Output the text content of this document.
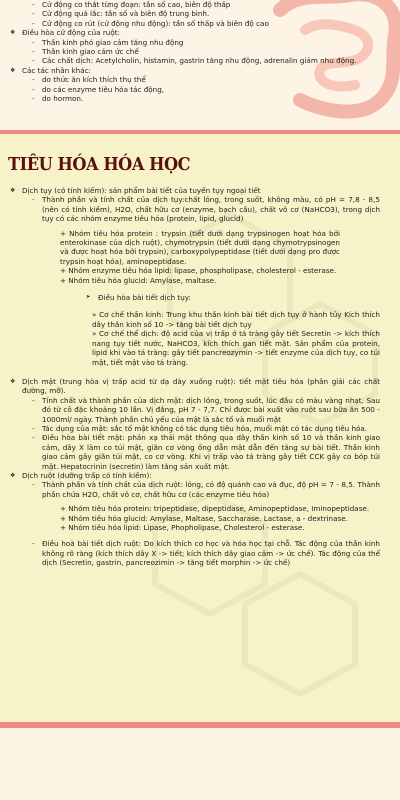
- Cử động co thắt từng đoạn: tần số cao, biên độ thấp

- Cử động quả lắc: tần số và biên độ trung bình.

- Cử động co rút (cử động nhu động): tần số thấp và biên độ cao

❖ Điều hòa cử động của ruột:

- Thần kinh phó giao cảm tăng nhu động

- Thần kinh giao cảm ức chế

- Các chất dịch: Acetylcholin, histamin, gastrin tăng nhu động, adrenalin giảm nhu động.

❖ Các tác nhân khác:

- do thức ăn kích thích thụ thể

- do các enzyme tiêu hóa tác động,

- do hormon.

TIÊU HÓA HÓA HỌC

❖ Dịch tụy (có tính kiềm): sản phẩm bài tiết của tuyến tụy ngoại tiết

- Thành phần và tính chất của dịch tụy:chất lỏng, trong suốt, không màu, có pH = 7,8 - 8,5 (nên có tính kiềm), H2O, chất hữu cơ (enzyme, bạch cầu), chất vô cơ (NaHCO3), trong dịch tụy có các nhóm enzyme tiêu hóa (protein, lipid, glucid)

+ Nhóm tiêu hóa protein : trypsin (tiết dưới dạng trypsinogen hoạt hóa bởi enterokinase của dịch ruột), chymotrypsin (tiết dưới dạng chymotrypsinogen và được hoạt hóa bởi trypsin), carboxypolypeptidase (tiết dưới dạng pro được trypsin hoạt hóa), aminopeptidase.

+ Nhóm enzyme tiêu hóa lipid: lipase, phospholipase, cholesterol - esterase.

+ Nhóm tiêu hóa glucid: Amylase, maltase.

➤ Điều hòa bài tiết dịch tụy:

» Cơ chế thần kinh: Trung khu thần kinh bài tiết dịch tụy ở hành tủy Kích thích dây thần kinh số 10 -> tăng bài tiết dịch tụy

» Cơ chế thể dịch: độ acid của vị trấp ở tá tràng gây tiết Secretin -> kích thích nang tụy tiết nước, NaHCO3, kích thích gan tiết mật. Sản phẩm của protein, lipid khi vào tá tràng: gây tiết pancreozymin -> tiết enzyme của dịch tụy, co túi mật, tiết mật vào tá tràng.

❖ Dịch mật (trung hòa vị trấp acid từ dạ dày xuống ruột): tiết mật tiêu hóa (phân giải các chất đường, mỡ).

- Tính chất và thành phần của dịch mật: dịch lỏng, trong suốt, lúc đầu có màu vàng nhạt. Sau đó từ cô đặc khoảng 10 lần. Vị đắng, pH 7 - 7,7. Chỉ được bài xuất vào ruột sau bữa ăn 500 - 1000ml/ ngày. Thành phần chủ yếu của mật là sắc tố và muối mật

- Tác dụng của mật: sắc tố mật không có tác dụng tiêu hóa, muối mật có tác dụng tiêu hóa.

- Điều hòa bài tiết mật: phản xạ thải mật thông qua dây thần kinh số 10 và thần kinh giao cảm, dây X làm co túi mật, giãn cơ vòng ống dẫn mật dẫn đến tăng sự bài tiết. Thần kinh giao cảm gây giãn túi mật, co cơ vòng. Khi vị trấp vào tá tràng gây tiết CCK gây co bóp túi mật. Hepatocrinin (secretin) làm tăng sản xuất mật.

❖ Dịch ruột (dưỡng trấp có tính kiềm):

- Thành phần và tính chất của dịch ruột: lỏng, có độ quánh cao và đục, độ pH = 7 - 8,5. Thành phần chứa H2O, chất vô cơ, chất hữu cơ (các enzyme tiêu hóa)

+ Nhóm tiêu hóa protein: tripeptidase, dipeptidase, Aminopeptidase, Iminopeptidase.

+ Nhóm tiêu hóa glucid: Amylase, Maltase, Saccharase. Lactase, a - dextrinase.

+ Nhóm tiêu hóa lipid: Lipase, Phopholipase, Cholesterol - esterase.

- Điều hoà bài tiết dịch ruột: Do kích thích cơ học và hóa học tại chỗ. Tác động của thần kinh không rõ ràng (kích thích dây X -> tiết; kích thích dây giao cảm -> ức chế). Tác động của thể dịch (Secretin, gastrin, pancreozimin -> tăng tiết morphin -> ức chế)
